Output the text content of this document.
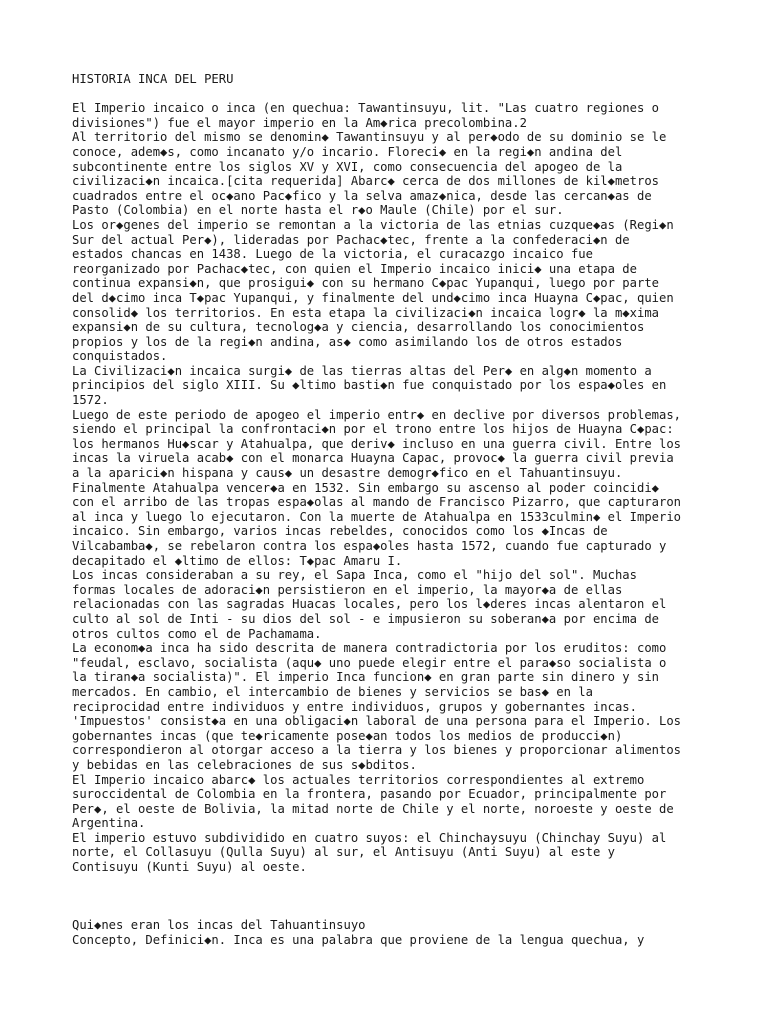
HISTORIA INCA DEL PERU
El Imperio incaico o inca (en quechua: Tawantinsuyu, lit. "Las cuatro regiones o
divisiones") fue el mayor imperio en la Am◆rica precolombina.2
Al territorio del mismo se denomin◆ Tawantinsuyu y al per◆odo de su dominio se le
conoce, adem◆s, como incanato y/o incario. Floreci◆ en la regi◆n andina del
subcontinente entre los siglos XV y XVI, como consecuencia del apogeo de la
civilizaci◆n incaica.[cita requerida] Abarc◆ cerca de dos millones de kil◆metros
cuadrados entre el oc◆ano Pac◆fico y la selva amaz◆nica, desde las cercan◆as de
Pasto (Colombia) en el norte hasta el r◆o Maule (Chile) por el sur.
Los or◆genes del imperio se remontan a la victoria de las etnias cuzque◆as (Regi◆n
Sur del actual Per◆), lideradas por Pachac◆tec, frente a la confederaci◆n de
estados chancas en 1438. Luego de la victoria, el curacazgo incaico fue
reorganizado por Pachac◆tec, con quien el Imperio incaico inici◆ una etapa de
continua expansi◆n, que prosigui◆ con su hermano C◆pac Yupanqui, luego por parte
del d◆cimo inca T◆pac Yupanqui, y finalmente del und◆cimo inca Huayna C◆pac, quien
consolid◆ los territorios. En esta etapa la civilizaci◆n incaica logr◆ la m◆xima
expansi◆n de su cultura, tecnolog◆a y ciencia, desarrollando los conocimientos
propios y los de la regi◆n andina, as◆ como asimilando los de otros estados
conquistados.
La Civilizaci◆n incaica surgi◆ de las tierras altas del Per◆ en alg◆n momento a
principios del siglo XIII. Su ◆ltimo basti◆n fue conquistado por los espa◆oles en
1572.
Luego de este periodo de apogeo el imperio entr◆ en declive por diversos problemas,
siendo el principal la confrontaci◆n por el trono entre los hijos de Huayna C◆pac:
los hermanos Hu◆scar y Atahualpa, que deriv◆ incluso en una guerra civil. Entre los
incas la viruela acab◆ con el monarca Huayna Capac, provoc◆ la guerra civil previa
a la aparici◆n hispana y caus◆ un desastre demogr◆fico en el Tahuantinsuyu.
Finalmente Atahualpa vencer◆a en 1532. Sin embargo su ascenso al poder coincidi◆
con el arribo de las tropas espa◆olas al mando de Francisco Pizarro, que capturaron
al inca y luego lo ejecutaron. Con la muerte de Atahualpa en 1533culmin◆ el Imperio
incaico. Sin embargo, varios incas rebeldes, conocidos como los ◆Incas de
Vilcabamba◆, se rebelaron contra los espa◆oles hasta 1572, cuando fue capturado y
decapitado el ◆ltimo de ellos: T◆pac Amaru I.
Los incas consideraban a su rey, el Sapa Inca, como el "hijo del sol". Muchas
formas locales de adoraci◆n persistieron en el imperio, la mayor◆a de ellas
relacionadas con las sagradas Huacas locales, pero los l◆deres incas alentaron el
culto al sol de Inti - su dios del sol - e impusieron su soberan◆a por encima de
otros cultos como el de Pachamama.
La econom◆a inca ha sido descrita de manera contradictoria por los eruditos: como
"feudal, esclavo, socialista (aqu◆ uno puede elegir entre el para◆so socialista o
la tiran◆a socialista)". El imperio Inca funcion◆ en gran parte sin dinero y sin
mercados. En cambio, el intercambio de bienes y servicios se bas◆ en la
reciprocidad entre individuos y entre individuos, grupos y gobernantes incas.
'Impuestos' consist◆a en una obligaci◆n laboral de una persona para el Imperio. Los
gobernantes incas (que te◆ricamente pose◆an todos los medios de producci◆n)
correspondieron al otorgar acceso a la tierra y los bienes y proporcionar alimentos
y bebidas en las celebraciones de sus s◆bditos.
El Imperio incaico abarc◆ los actuales territorios correspondientes al extremo
suroccidental de Colombia en la frontera, pasando por Ecuador, principalmente por
Per◆, el oeste de Bolivia, la mitad norte de Chile y el norte, noroeste y oeste de
Argentina.
El imperio estuvo subdividido en cuatro suyos: el Chinchaysuyu (Chinchay Suyu) al
norte, el Collasuyu (Qulla Suyu) al sur, el Antisuyu (Anti Suyu) al este y
Contisuyu (Kunti Suyu) al oeste.
Qui◆nes eran los incas del Tahuantinsuyo
Concepto, Definici◆n. Inca es una palabra que proviene de la lengua quechua, y
